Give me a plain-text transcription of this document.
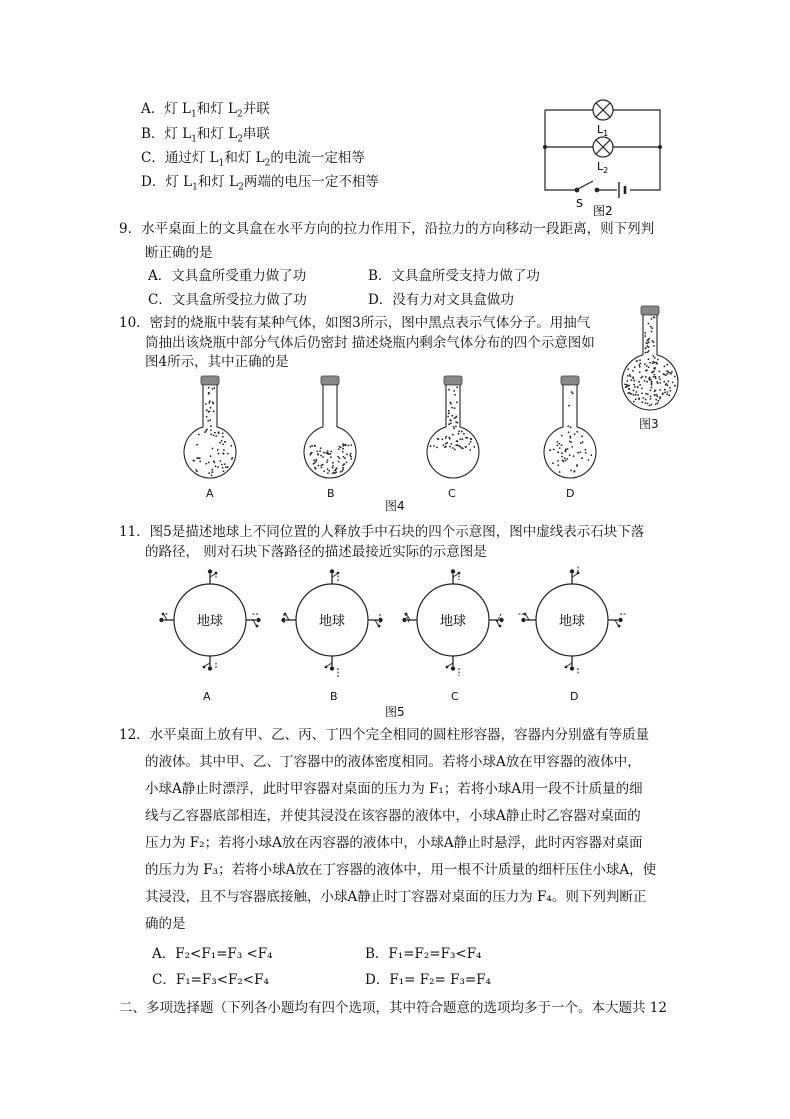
A．灯 $L_1$和灯 $L_2$并联
B．灯 $L_1$和灯 $L_2$串联
C．通过灯 $L_1$和灯 $L_2$的电流一定相等
D．灯 $L_1$和灯 $L_2$两端的电压一定不相等
$L_1$
$L_2$
S
图2
9．水平桌面上的文具盒在水平方向的拉力作用下，沿拉力的方向移动一段距离，则下列判
断正确的是
A．文具盒所受重力做了功	B．文具盒所受支持力做了功
C．文具盒所受拉力做了功	D．没有力对文具盒做功
10．密封的烧瓶中装有某种气体，如图3所示，图中黑点表示气体分子。用抽气
筒抽出该烧瓶中部分气体后仍密封 描述烧瓶内剩余气体分布的四个示意图如
图4所示，其中正确的是
图3
A	B	C	D
图4
11．图5是描述地球上不同位置的人释放手中石块的四个示意图，图中虚线表示石块下落
的路径， 则对石块下落路径的描述最接近实际的示意图是
地球	地球	地球	地球
A	B	C	D
图5
12．水平桌面上放有甲、乙、丙、丁四个完全相同的圆柱形容器，容器内分别盛有等质量
的液体。其中甲、乙、丁容器中的液体密度相同。若将小球A放在甲容器的液体中，
小球A静止时漂浮，此时甲容器对桌面的压力为 F₁；若将小球A用一段不计质量的细
线与乙容器底部相连，并使其浸没在该容器的液体中，小球A静止时乙容器对桌面的
压力为 F₂；若将小球A放在丙容器的液体中，小球A静止时悬浮，此时丙容器对桌面
的压力为 F₃；若将小球A放在丁容器的液体中，用一根不计质量的细杆压住小球A，使
其浸没，且不与容器底接触，小球A静止时丁容器对桌面的压力为 F₄。则下列判断正
确的是
A．F₂<F₁=F₃ <F₄	B．F₁=F₂=F₃<F₄
C．F₁=F₃<F₂<F₄	D．F₁= F₂= F₃=F₄
二、多项选择题（下列各小题均有四个选项，其中符合题意的选项均多于一个。本大题共 12
